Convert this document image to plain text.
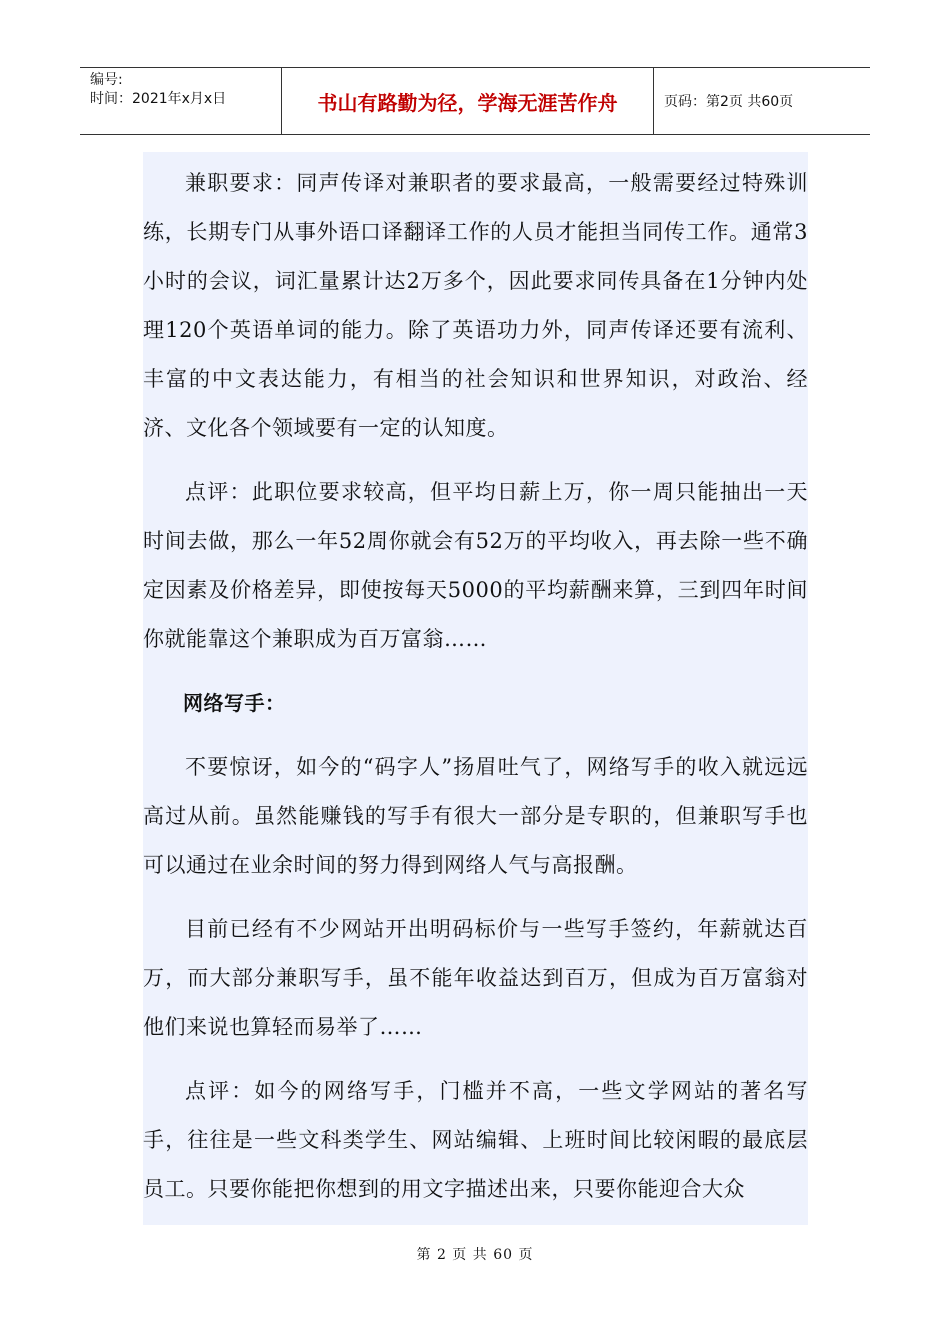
编号:
时间：2021年x月x日	书山有路勤为径，学海无涯苦作舟	页码：第2页 共60页

兼职要求：同声传译对兼职者的要求最高，一般需要经过特殊训练，长期专门从事外语口译翻译工作的人员才能担当同传工作。通常3小时的会议，词汇量累计达2万多个，因此要求同传具备在1分钟内处理120个英语单词的能力。除了英语功力外，同声传译还要有流利、丰富的中文表达能力，有相当的社会知识和世界知识，对政治、经济、文化各个领域要有一定的认知度。

点评：此职位要求较高，但平均日薪上万，你一周只能抽出一天时间去做，那么一年52周你就会有52万的平均收入，再去除一些不确定因素及价格差异，即使按每天5000的平均薪酬来算，三到四年时间你就能靠这个兼职成为百万富翁……

网络写手：

不要惊讶，如今的“码字人”扬眉吐气了，网络写手的收入就远远高过从前。虽然能赚钱的写手有很大一部分是专职的，但兼职写手也可以通过在业余时间的努力得到网络人气与高报酬。

目前已经有不少网站开出明码标价与一些写手签约，年薪就达百万，而大部分兼职写手，虽不能年收益达到百万，但成为百万富翁对他们来说也算轻而易举了……

点评：如今的网络写手，门槛并不高，一些文学网站的著名写手，往往是一些文科类学生、网站编辑、上班时间比较闲暇的最底层员工。只要你能把你想到的用文字描述出来，只要你能迎合大众

第 2 页 共 60 页
